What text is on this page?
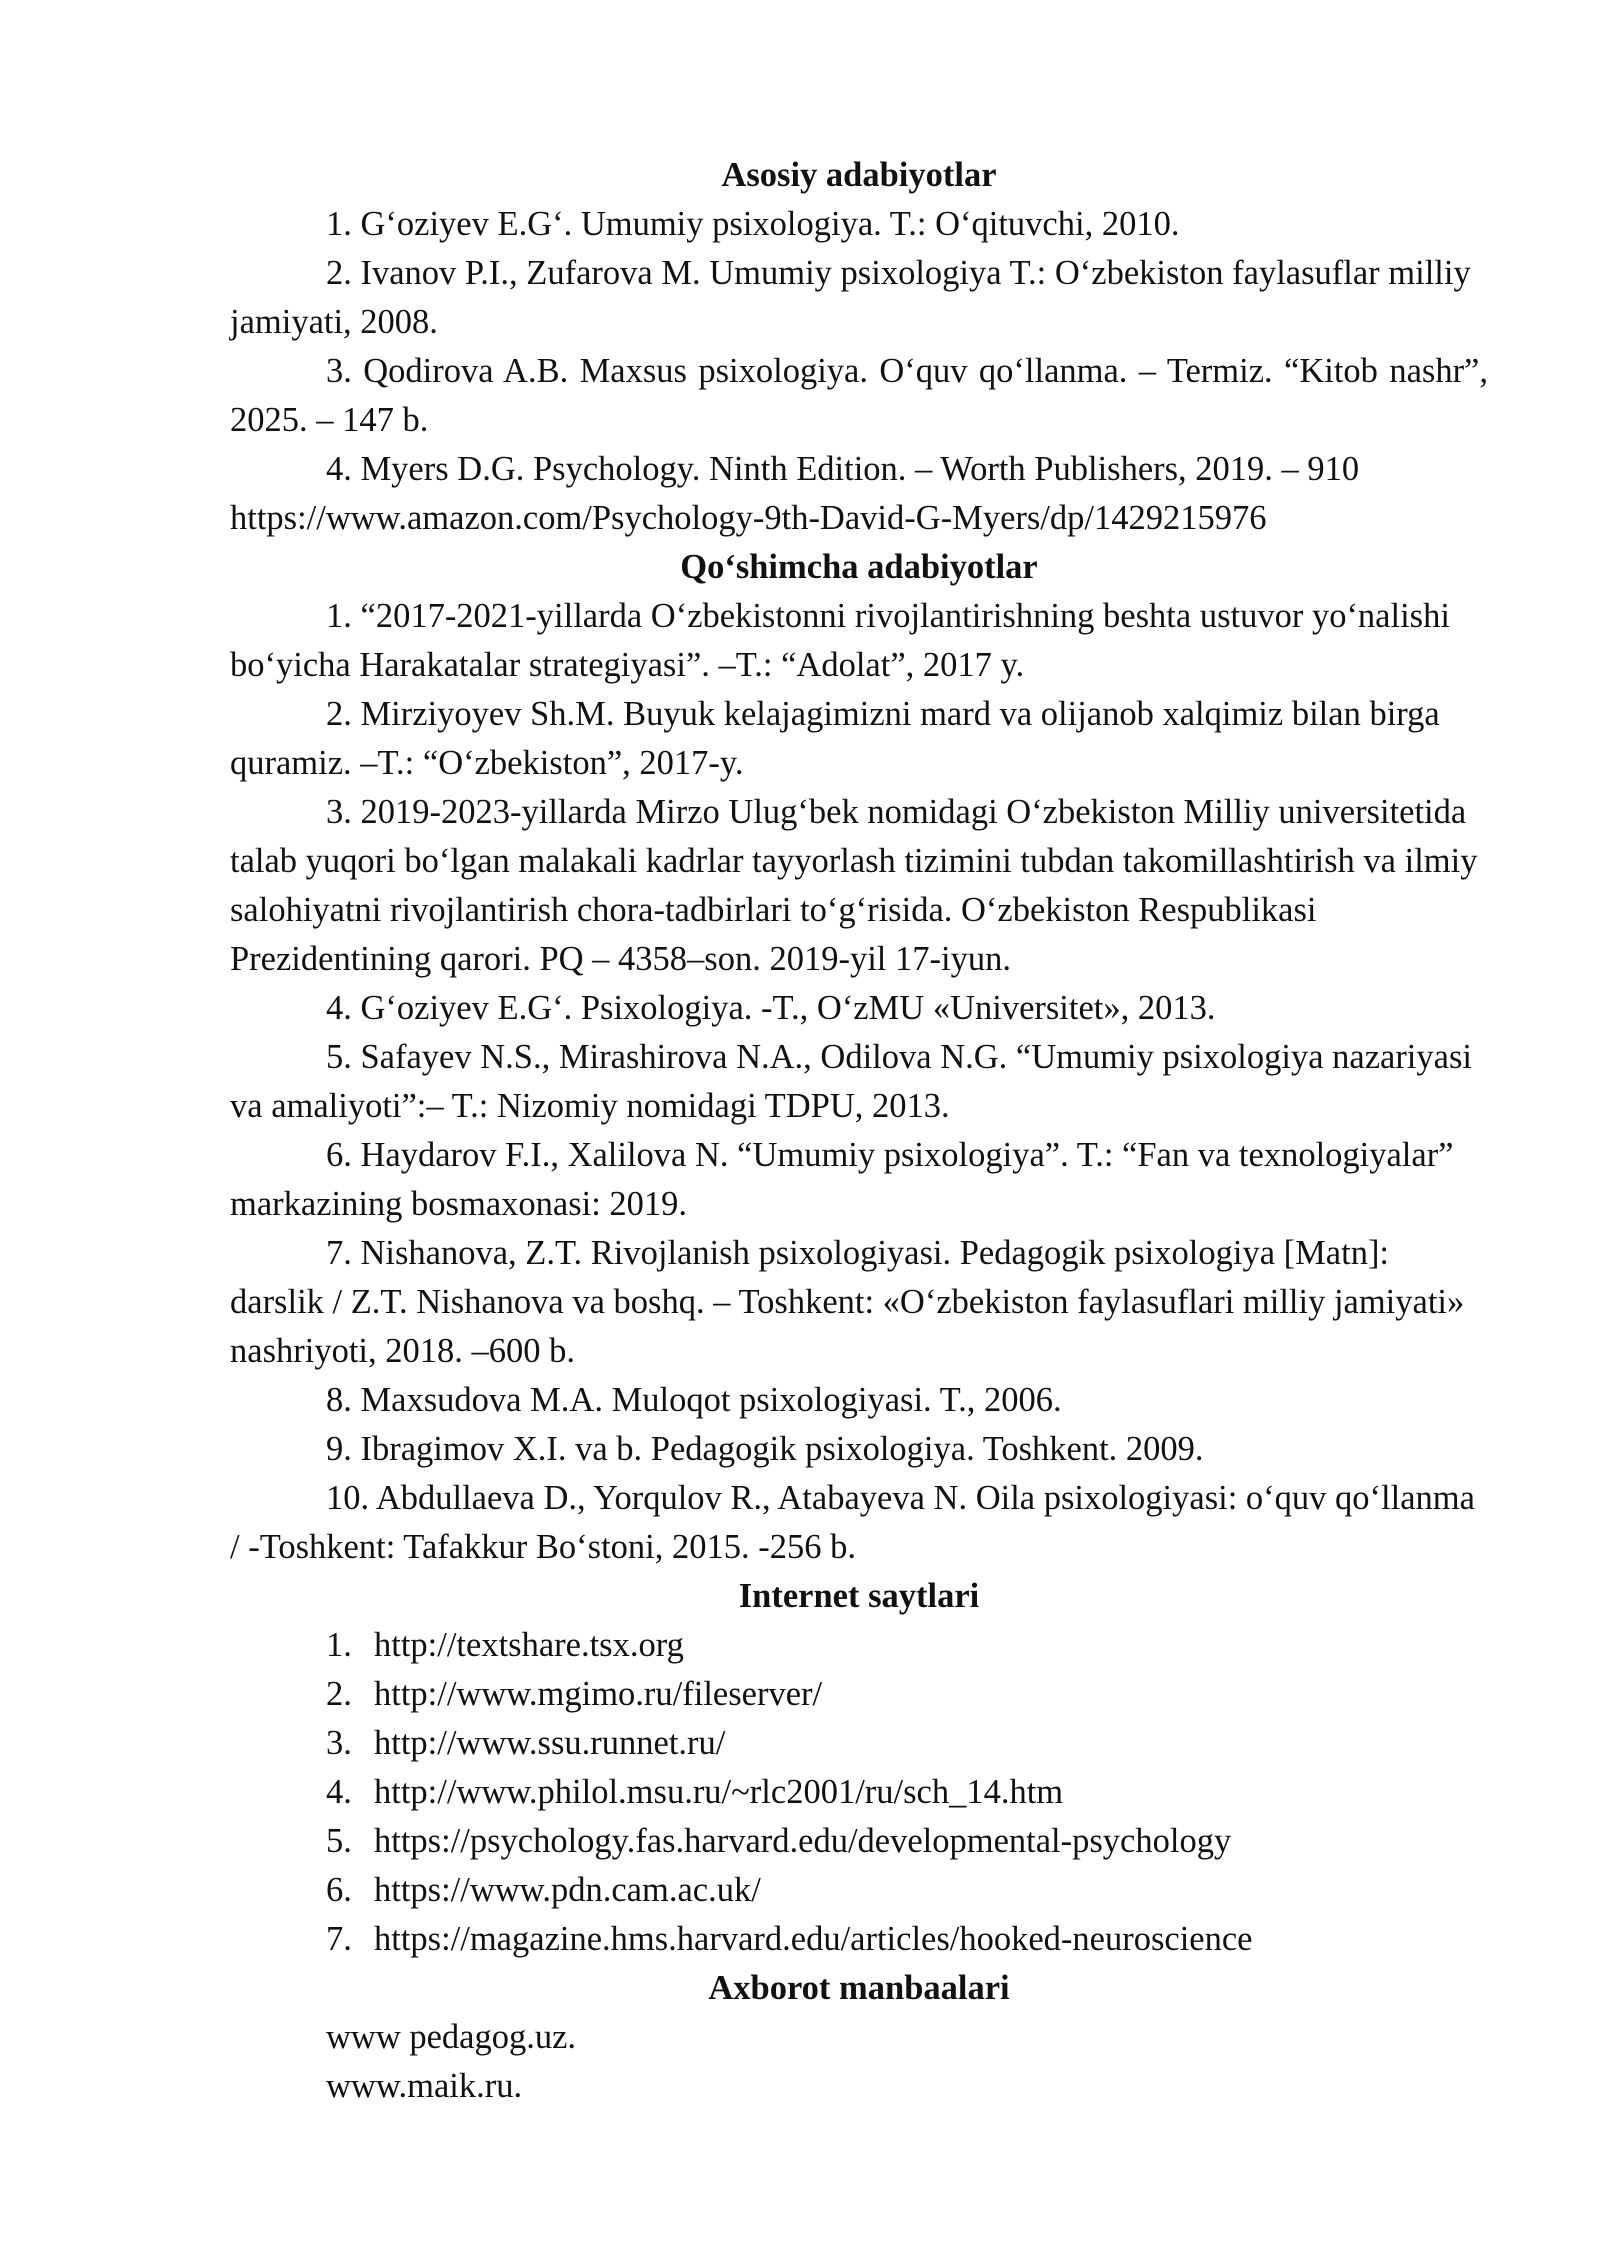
Asosiy adabiyotlar

1. G‘oziyev E.G‘. Umumiy psixologiya. T.: O‘qituvchi, 2010.

2. Ivanov P.I., Zufarova M. Umumiy psixologiya T.: O‘zbekiston faylasuflar milliy jamiyati, 2008.

3. Qodirova A.B. Maxsus psixologiya. O‘quv qo‘llanma. – Termiz. “Kitob nashr”, 2025. – 147 b.

4. Myers D.G. Psychology. Ninth Edition. – Worth Publishers, 2019. – 910

https://www.amazon.com/Psychology-9th-David-G-Myers/dp/1429215976

Qo‘shimcha adabiyotlar

1. “2017-2021-yillarda O‘zbekistonni rivojlantirishning beshta ustuvor yo‘nalishi bo‘yicha Harakatalar strategiyasi”. –T.: “Adolat”, 2017 y.

2. Mirziyoyev Sh.M. Buyuk kelajagimizni mard va olijanob xalqimiz bilan birga quramiz. –T.: “O‘zbekiston”, 2017-y.

3. 2019-2023-yillarda Mirzo Ulug‘bek nomidagi O‘zbekiston Milliy universitetida talab yuqori bo‘lgan malakali kadrlar tayyorlash tizimini tubdan takomillashtirish va ilmiy salohiyatni rivojlantirish chora-tadbirlari to‘g‘risida. O‘zbekiston Respublikasi Prezidentining qarori. PQ – 4358–son. 2019-yil 17-iyun.

4. G‘oziyev E.G‘. Psixologiya. -T., O‘zMU «Universitet», 2013.

5. Safayev N.S., Mirashirova N.A., Odilova N.G. “Umumiy psixologiya nazariyasi va amaliyoti”:– T.: Nizomiy nomidagi TDPU, 2013.

6. Haydarov F.I., Xalilova N. “Umumiy psixologiya”. T.: “Fan va texnologiyalar” markazining bosmaxonasi: 2019.

7. Nishanova, Z.T. Rivojlanish psixologiyasi. Pedagogik psixologiya [Matn]: darslik / Z.T. Nishanova va boshq. – Toshkent: «O‘zbekiston faylasuflari milliy jamiyati» nashriyoti, 2018. –600 b.

8. Maxsudova M.A. Muloqot psixologiyasi. T., 2006.

9. Ibragimov X.I. va b. Pedagogik psixologiya. Toshkent. 2009.

10. Abdullaeva D., Yorqulov R., Atabayeva N. Oila psixologiyasi: o‘quv qo‘llanma / -Toshkent: Tafakkur Bo‘stoni, 2015. -256 b.

Internet saytlari
1. http://textshare.tsx.org
2. http://www.mgimo.ru/fileserver/
3. http://www.ssu.runnet.ru/
4. http://www.philol.msu.ru/~rlc2001/ru/sch_14.htm
5. https://psychology.fas.harvard.edu/developmental-psychology
6. https://www.pdn.cam.ac.uk/
7. https://magazine.hms.harvard.edu/articles/hooked-neuroscience
Axborot manbaalari
www pedagog.uz.
www.maik.ru.
